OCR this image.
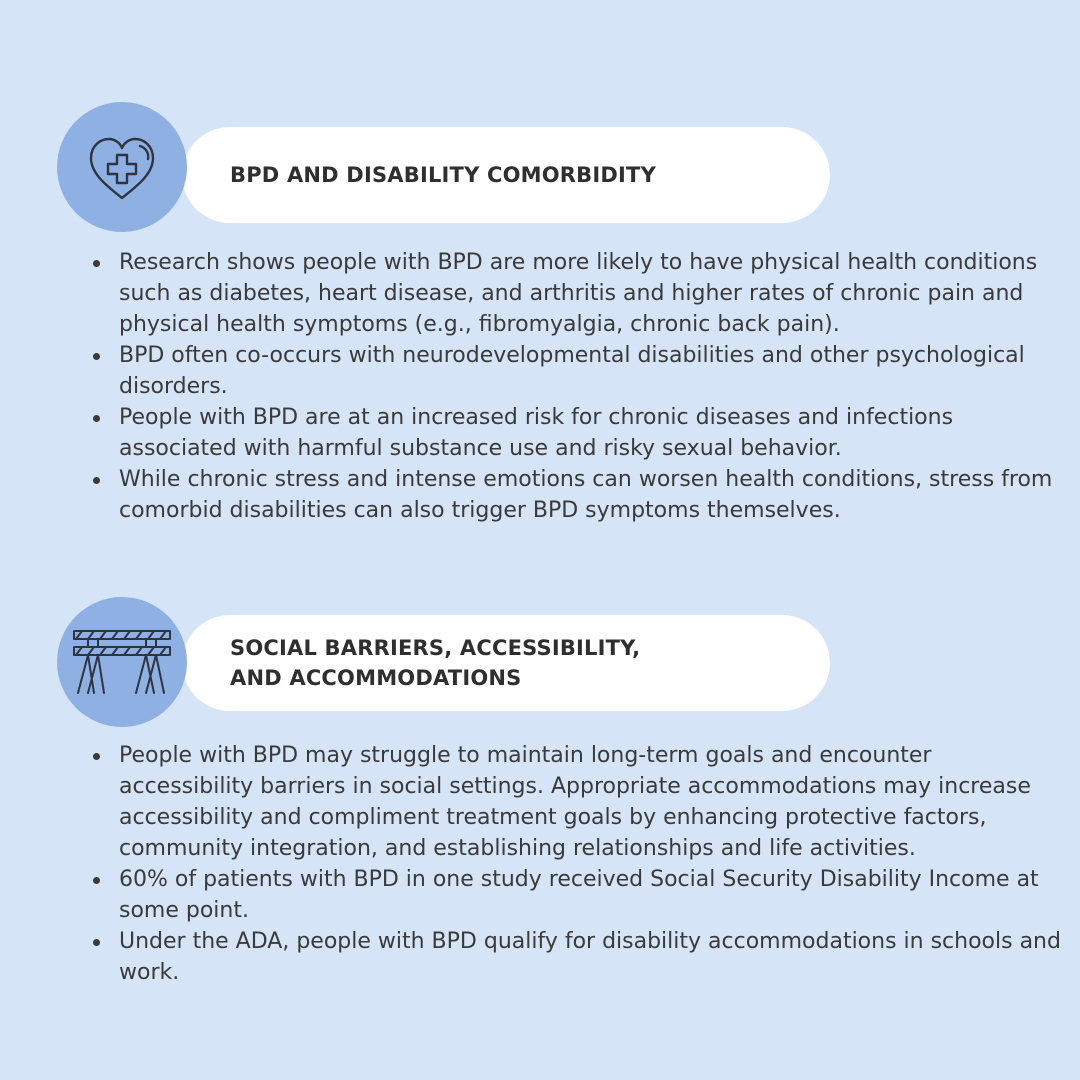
BPD AND DISABILITY COMORBIDITY
Research shows people with BPD are more likely to have physical health conditions such as diabetes, heart disease, and arthritis and higher rates of chronic pain and physical health symptoms (e.g., fibromyalgia, chronic back pain).
BPD often co-occurs with neurodevelopmental disabilities and other psychological disorders.
People with BPD are at an increased risk for chronic diseases and infections associated with harmful substance use and risky sexual behavior.
While chronic stress and intense emotions can worsen health conditions, stress from comorbid disabilities can also trigger BPD symptoms themselves.
SOCIAL BARRIERS, ACCESSIBILITY,
AND ACCOMMODATIONS
People with BPD may struggle to maintain long-term goals and encounter accessibility barriers in social settings. Appropriate accommodations may increase accessibility and compliment treatment goals by enhancing protective factors, community integration, and establishing relationships and life activities.
60% of patients with BPD in one study received Social Security Disability Income at some point.
Under the ADA, people with BPD qualify for disability accommodations in schools and work.
